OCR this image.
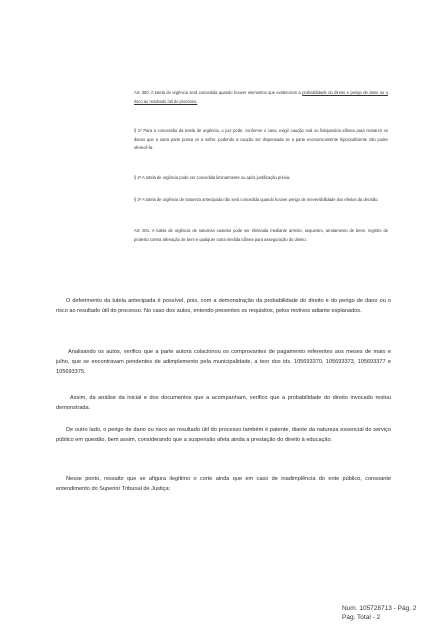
Art. 300. A tutela de urgência será concedida quando houver elementos que evidenciem a probabilidade do direito e perigo de dano ou o risco ao resultado útil do processo.

§ 1º Para a concessão da tutela de urgência, o juiz pode, conforme o caso, exigir caução real ou fidejussória idônea para ressarcir os danos que a outra parte possa vir a sofrer, podendo a caução ser dispensada se a parte economicamente hipossuficiente não puder oferecê-la.

§ 2º A tutela de urgência pode ser concedida liminarmente ou após justificação prévia.

§ 3º A tutela de urgência de natureza antecipada não será concedida quando houver perigo de irreversibilidade dos efeitos da decisão.

Art. 301. A tutela de urgência de natureza cautelar pode ser efetivada mediante arresto, sequestro, arrolamento de bens, registro de protesto contra alienação de bem e qualquer outra medida idônea para asseguração do direito.

O deferimento da tutela antecipada é possível, pois, com a demonstração da probabilidade do direito e do perigo de dano ou o risco ao resultado útil do processo. No caso dos autos, entendo presentes os requisitos, pelos motivos adiante explanados.

Analisando os autos, verifico que a parte autora colacionou os comprovantes de pagamento referentes aos meses de maio e julho, que se encontravam pendentes de adimplemento pela municipalidade, a teor dos ids. 105693370, 105693373, 105693377 e 105693375.

Assim, da análise da inicial e dos documentos que a acompanham, verifico que a probabilidade do direito invocado restou demonstrada.

De outro lado, o perigo de dano ou risco ao resultado útil do processo também é patente, diante da natureza essencial do serviço público em questão, bem assim, considerando que a suspensão afeta ainda a prestação do direito à educação.

Nesse ponto, ressalto que se afigura ilegítimo o corte ainda que em caso de inadimplência do ente público, consoante entendimento do Superior Tribunal de Justiça:

Num. 105728713 - Pág. 2
Pág. Total - 2
